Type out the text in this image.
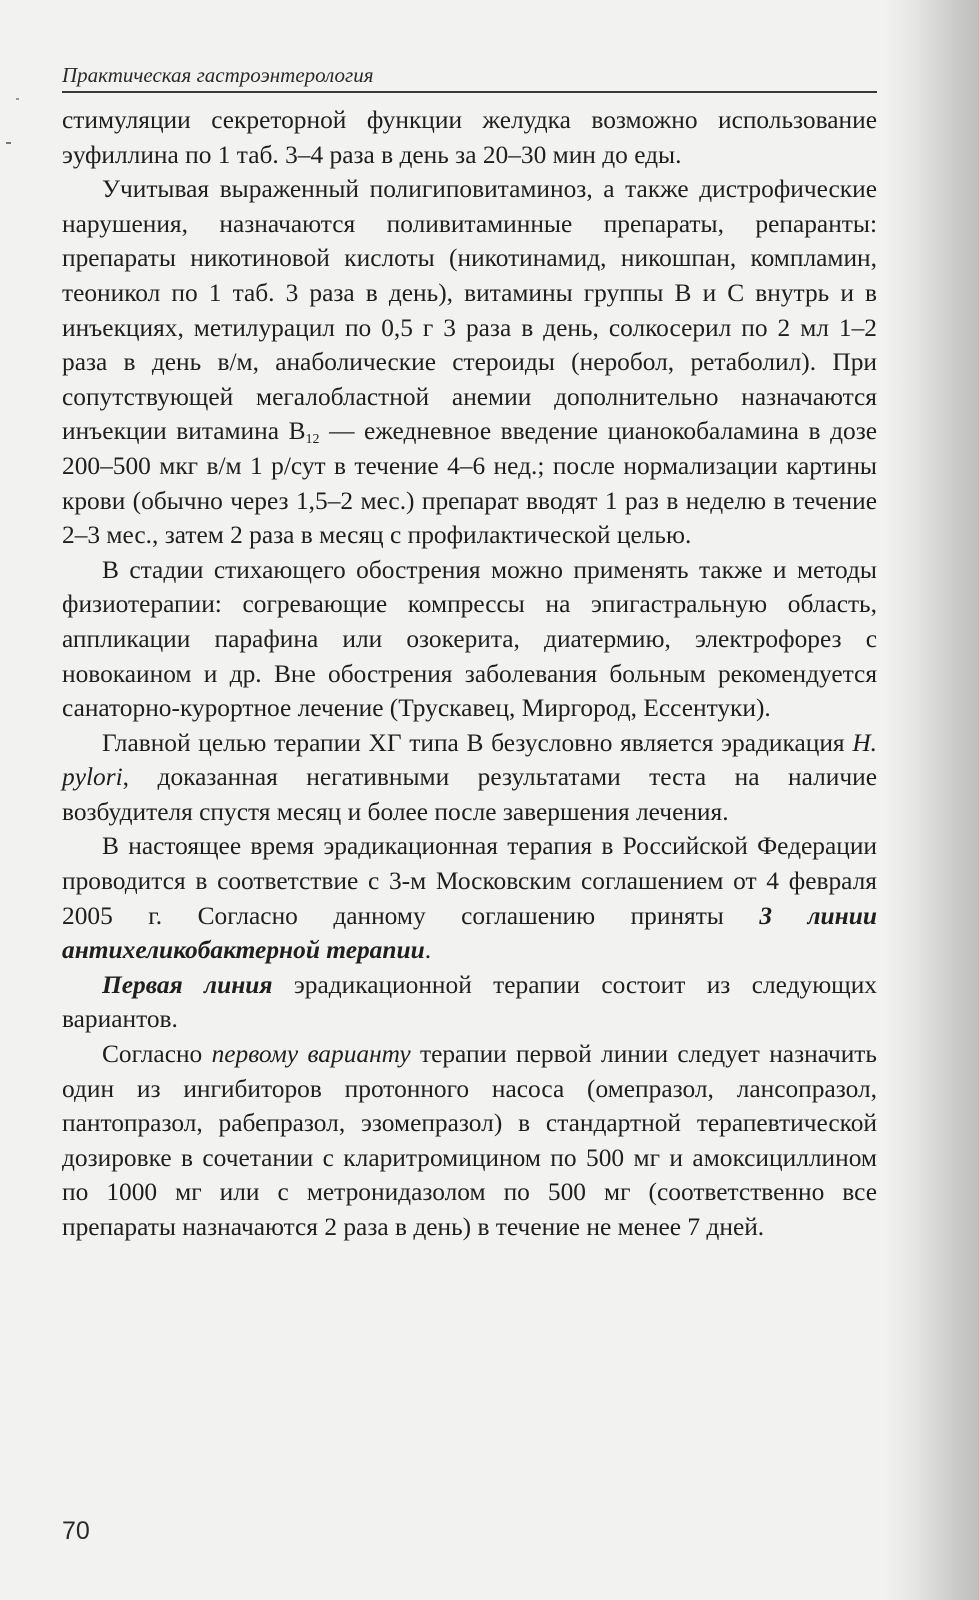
Практическая гастроэнтерология

стимуляции секреторной функции желудка возможно использование эуфиллина по 1 таб. 3–4 раза в день за 20–30 мин до еды.

Учитывая выраженный полигиповитаминоз, а также дистрофические нарушения, назначаются поливитаминные препараты, репаранты: препараты никотиновой кислоты (никотинамид, никошпан, компламин, теоникол по 1 таб. 3 раза в день), витамины группы В и С внутрь и в инъекциях, метилурацил по 0,5 г 3 раза в день, солкосерил по 2 мл 1–2 раза в день в/м, анаболические стероиды (неробол, ретаболил). При сопутствующей мегалобластной анемии дополнительно назначаются инъекции витамина $В_{12}$ — ежедневное введение цианокобаламина в дозе 200–500 мкг в/м 1 р/сут в течение 4–6 нед.; после нормализации картины крови (обычно через 1,5–2 мес.) препарат вводят 1 раз в неделю в течение 2–3 мес., затем 2 раза в месяц с профилактической целью.

В стадии стихающего обострения можно применять также и методы физиотерапии: согревающие компрессы на эпигастральную область, аппликации парафина или озокерита, диатермию, электрофорез с новокаином и др. Вне обострения заболевания больным рекомендуется санаторно-курортное лечение (Трускавец, Миргород, Ессентуки).

Главной целью терапии ХГ типа В безусловно является эрадикация H. pylori, доказанная негативными результатами теста на наличие возбудителя спустя месяц и более после завершения лечения.

В настоящее время эрадикационная терапия в Российской Федерации проводится в соответствие с 3-м Московским соглашением от 4 февраля 2005 г. Согласно данному соглашению приняты 3 линии антихеликобактерной терапии.

Первая линия эрадикационной терапии состоит из следующих вариантов.

Согласно первому варианту терапии первой линии следует назначить один из ингибиторов протонного насоса (омепразол, лансопразол, пантопразол, рабепразол, эзомепразол) в стандартной терапевтической дозировке в сочетании с кларитромицином по 500 мг и амоксициллином по 1000 мг или с метронидазолом по 500 мг (соответственно все препараты назначаются 2 раза в день) в течение не менее 7 дней.

70
